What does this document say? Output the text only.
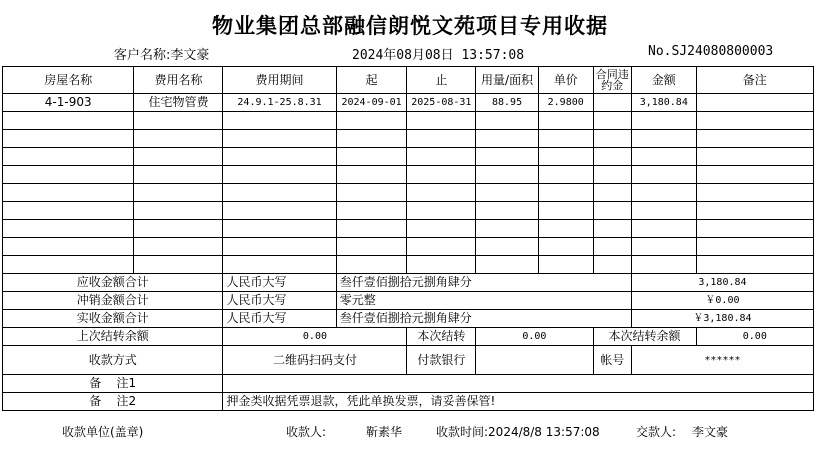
物业集团总部融信朗悦文苑项目专用收据
客户名称:李文豪	2024年08月08日 13:57:08	No.SJ24080800003
房屋名称	费用名称	费用期间	起	止	用量/面积	单价	合同违约金	金额	备注
4-1-903	住宅物管费	24.9.1-25.8.31	2024-09-01	2025-08-31	88.95	2.9800		3,180.84	

应收金额合计		人民币大写	叁仟壹佰捌拾元捌角肆分					3,180.84	
冲销金额合计		人民币大写	零元整					￥0.00	
实收金额合计		人民币大写	叁仟壹佰捌拾元捌角肆分					￥3,180.84	
上次结转余额		0.00		本次结转	0.00		本次结转余额		0.00
收款方式		二维码扫码支付		付款银行			帐号	******	
备    注1									
备    注2		押金类收据凭票退款，凭此单换发票，请妥善保管!							
收款单位(盖章)	收款人:	靳素华	收款时间:2024/8/8 13:57:08	交款人: 李文豪
